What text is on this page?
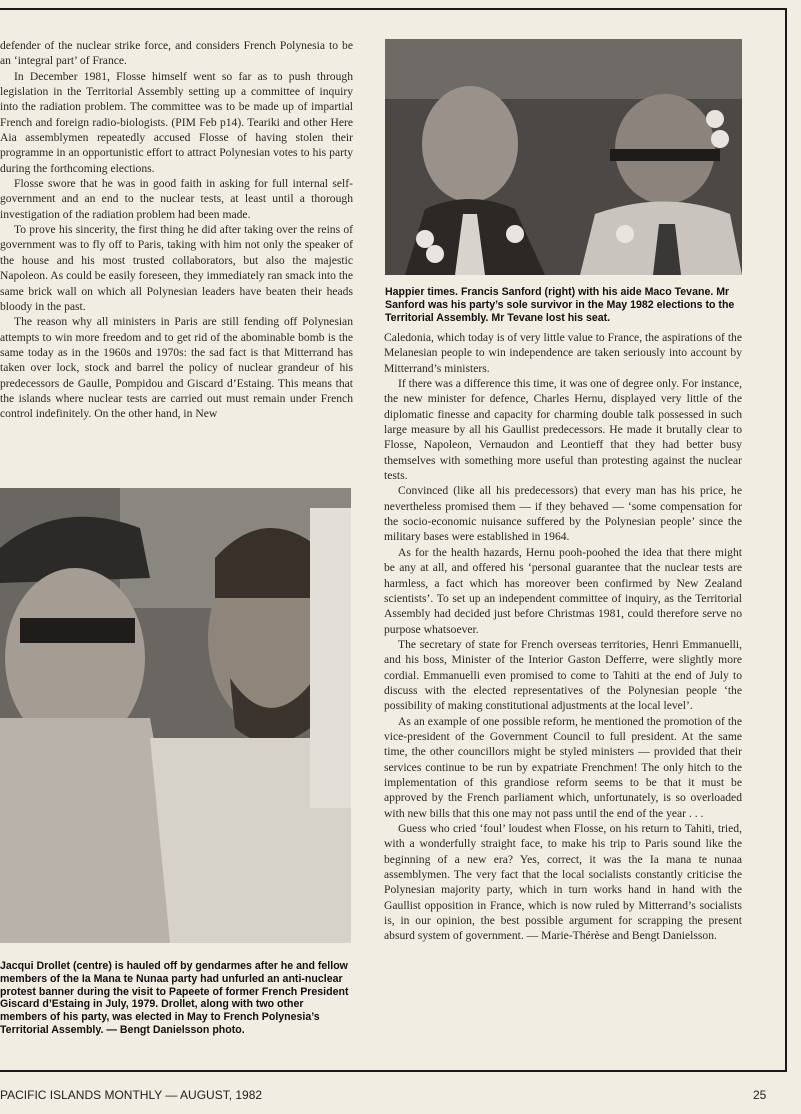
defender of the nuclear strike force, and considers French Polynesia to be an ‘integral part’ of France.

In December 1981, Flosse himself went so far as to push through legislation in the Territorial Assembly setting up a committee of inquiry into the radiation problem. The committee was to be made up of impartial French and foreign radio-biologists. (PIM Feb p14). Teariki and other Here Aia assemblymen repeatedly accused Flosse of having stolen their programme in an opportunistic effort to attract Polynesian votes to his party during the forthcoming elections.

Flosse swore that he was in good faith in asking for full internal self-government and an end to the nuclear tests, at least until a thorough investigation of the radiation problem had been made.

To prove his sincerity, the first thing he did after taking over the reins of government was to fly off to Paris, taking with him not only the speaker of the house and his most trusted collaborators, but also the majestic Napoleon. As could be easily foreseen, they immediately ran smack into the same brick wall on which all Polynesian leaders have beaten their heads bloody in the past.

The reason why all ministers in Paris are still fending off Polynesian attempts to win more freedom and to get rid of the abominable bomb is the same today as in the 1960s and 1970s: the sad fact is that Mitterrand has taken over lock, stock and barrel the policy of nuclear grandeur of his predecessors de Gaulle, Pompidou and Giscard d’Estaing. This means that the islands where nuclear tests are carried out must remain under French control indefinitely. On the other hand, in New

Happier times. Francis Sanford (right) with his aide Maco Tevane. Mr Sanford was his party’s sole survivor in the May 1982 elections to the Territorial Assembly. Mr Tevane lost his seat.

Caledonia, which today is of very little value to France, the aspirations of the Melanesian people to win independence are taken seriously into account by Mitterrand’s ministers.

If there was a difference this time, it was one of degree only. For instance, the new minister for defence, Charles Hernu, displayed very little of the diplomatic finesse and capacity for charming double talk possessed in such large measure by all his Gaullist predecessors. He made it brutally clear to Flosse, Napoleon, Vernaudon and Leontieff that they had better busy themselves with something more useful than protesting against the nuclear tests.

Convinced (like all his predecessors) that every man has his price, he nevertheless promised them — if they behaved — ‘some compensation for the socio-economic nuisance suffered by the Polynesian people’ since the military bases were established in 1964.

As for the health hazards, Hernu pooh-poohed the idea that there might be any at all, and offered his ‘personal guarantee that the nuclear tests are harmless, a fact which has moreover been confirmed by New Zealand scientists’. To set up an independent committee of inquiry, as the Territorial Assembly had decided just before Christmas 1981, could therefore serve no purpose whatsoever.

The secretary of state for French overseas territories, Henri Emmanuelli, and his boss, Minister of the Interior Gaston Defferre, were slightly more cordial. Emmanuelli even promised to come to Tahiti at the end of July to discuss with the elected representatives of the Polynesian people ‘the possibility of making constitutional adjustments at the local level’.

As an example of one possible reform, he mentioned the promotion of the vice-president of the Government Council to full president. At the same time, the other councillors might be styled ministers — provided that their services continue to be run by expatriate Frenchmen! The only hitch to the implementation of this grandiose reform seems to be that it must be approved by the French parliament which, unfortunately, is so overloaded with new bills that this one may not pass until the end of the year . . .

Guess who cried ‘foul’ loudest when Flosse, on his return to Tahiti, tried, with a wonderfully straight face, to make his trip to Paris sound like the beginning of a new era? Yes, correct, it was the Ia mana te nunaa assemblymen. The very fact that the local socialists constantly criticise the Polynesian majority party, which in turn works hand in hand with the Gaullist opposition in France, which is now ruled by Mitterrand’s socialists is, in our opinion, the best possible argument for scrapping the present absurd system of government. — Marie-Thérèse and Bengt Danielsson.

Jacqui Drollet (centre) is hauled off by gendarmes after he and fellow members of the Ia Mana te Nunaa party had unfurled an anti-nuclear protest banner during the visit to Papeete of former French President Giscard d’Estaing in July, 1979. Drollet, along with two other members of his party, was elected in May to French Polynesia’s Territorial Assembly. — Bengt Danielsson photo.
PACIFIC ISLANDS MONTHLY — AUGUST, 1982	25
